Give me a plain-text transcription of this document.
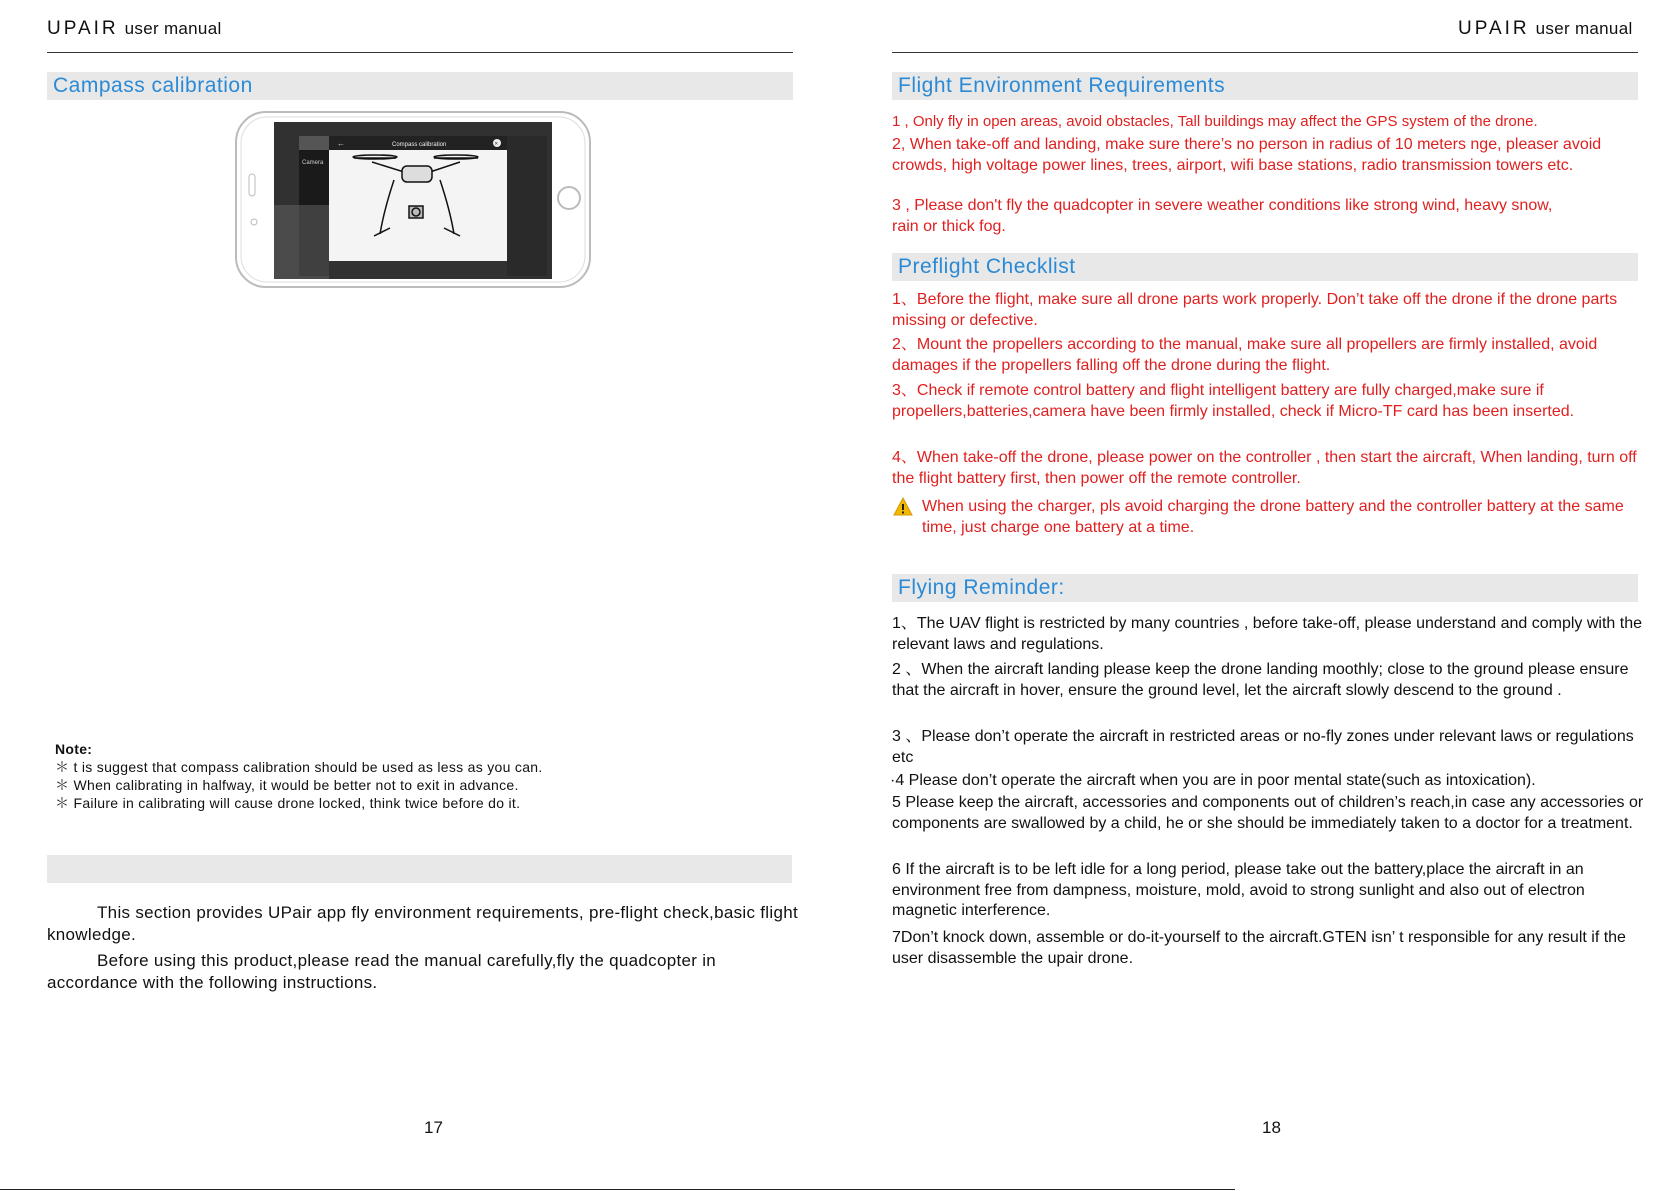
UPAIR user manual
Campass calibration
Camera
←	Compass calibration	×
Note:
＊ t is suggest that compass calibration should be used as less as you can.
＊ When calibrating in halfway, it would be better not to exit in advance.
＊ Failure in calibrating will cause drone locked, think twice before do it.
This section provides UPair app fly environment requirements, pre-flight check,basic flight knowledge.
Before using this product,please read the manual carefully,fly the quadcopter in accordance with the following instructions.
17
UPAIR user manual
Flight Environment Requirements
1 , Only fly in open areas, avoid obstacles, Tall buildings may affect the GPS system of the drone.
2, When take-off and landing, make sure there’s no person in radius of 10 meters nge, pleaser avoid crowds, high voltage power lines, trees, airport, wifi base stations, radio transmission towers etc.
3 , Please don't fly the quadcopter in severe weather conditions like strong wind, heavy snow, rain or thick fog.
Preflight Checklist
1、Before the flight, make sure all drone parts work properly. Don’t take off the drone if the drone parts missing or defective.
2、Mount the propellers according to the manual, make sure all propellers are firmly installed, avoid damages if the propellers falling off the drone during the flight.
3、Check if remote control battery and flight intelligent battery are fully charged,make sure if propellers,batteries,camera have been firmly installed, check if Micro-TF card has been inserted.
4、When take-off the drone, please power on the controller , then start the aircraft, When landing, turn off the flight battery first, then power off the remote controller.
When using the charger, pls avoid charging the drone battery and the controller battery at the same time, just charge one battery at a time.
Flying Reminder:
1、The UAV flight is restricted by many countries , before take-off, please understand and comply with the relevant laws and regulations.
2 、When the aircraft landing please keep the drone landing moothly; close to the ground please ensure that the aircraft in hover, ensure the ground level, let the aircraft slowly descend to the ground .
3 、Please don’t operate the aircraft in restricted areas or no-fly zones under relevant laws or regulations etc
·4 Please don’t operate the aircraft when you are in poor mental state(such as intoxication).
5 Please keep the aircraft, accessories and components out of children’s reach,in case any accessories or components are swallowed by a child, he or she should be immediately taken to a doctor for a treatment.
6 If the aircraft is to be left idle for a long period, please take out the battery,place the aircraft in an environment free from dampness, moisture, mold, avoid to strong sunlight and also out of electron magnetic interference.
7Don’t knock down, assemble or do-it-yourself to the aircraft.GTEN isn’ t responsible for any result if the user disassemble the upair drone.
18
